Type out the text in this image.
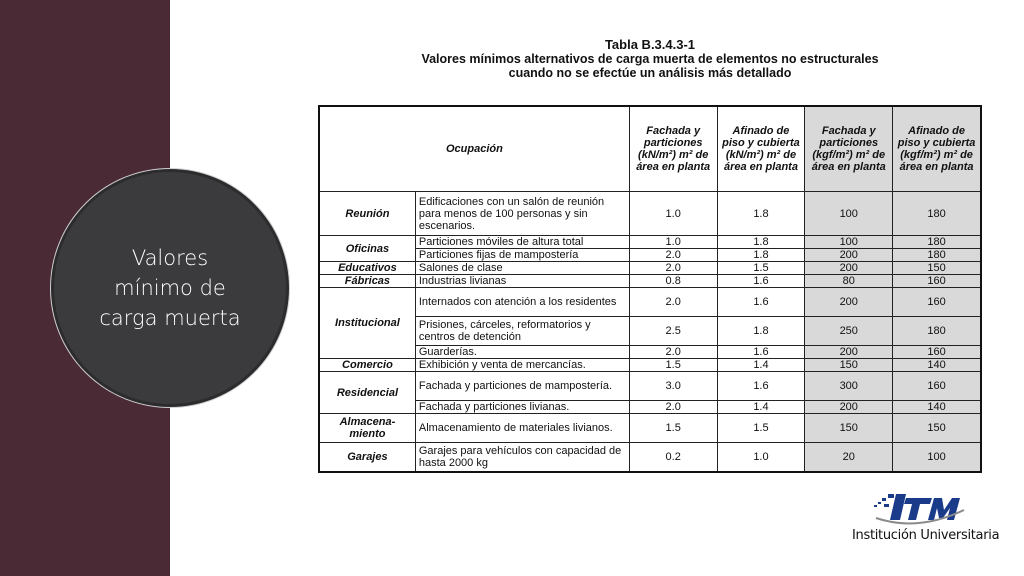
Valores
mínimo de
carga muerta
Tabla B.3.4.3-1
Valores mínimos alternativos de carga muerta de elementos no estructurales
cuando no se efectúe un análisis más detallado
Ocupación		Fachada y particiones (kN/m²) m² de área en planta	Afinado de piso y cubierta (kN/m²) m² de área en planta	Fachada y particiones (kgf/m²) m² de área en planta	Afinado de piso y cubierta (kgf/m²) m² de área en planta
Reunión	Edificaciones con un salón de reunión para menos de 100 personas y sin escenarios.	1.0	1.8	100	180
Oficinas	Particiones móviles de altura total	1.0	1.8	100	180
	Particiones fijas de mampostería	2.0	1.8	200	180
Educativos	Salones de clase	2.0	1.5	200	150
Fábricas	Industrias livianas	0.8	1.6	80	160
Institucional	Internados con atención a los residentes	2.0	1.6	200	160
	Prisiones, cárceles, reformatorios y centros de detención	2.5	1.8	250	180
	Guarderías.	2.0	1.6	200	160
Comercio	Exhibición y venta de mercancías.	1.5	1.4	150	140
Residencial	Fachada y particiones de mampostería.	3.0	1.6	300	160
	Fachada y particiones livianas.	2.0	1.4	200	140
Almacena-miento	Almacenamiento de materiales livianos.	1.5	1.5	150	150
Garajes	Garajes para vehículos con capacidad de hasta 2000 kg	0.2	1.0	20	100
Institución Universitaria
